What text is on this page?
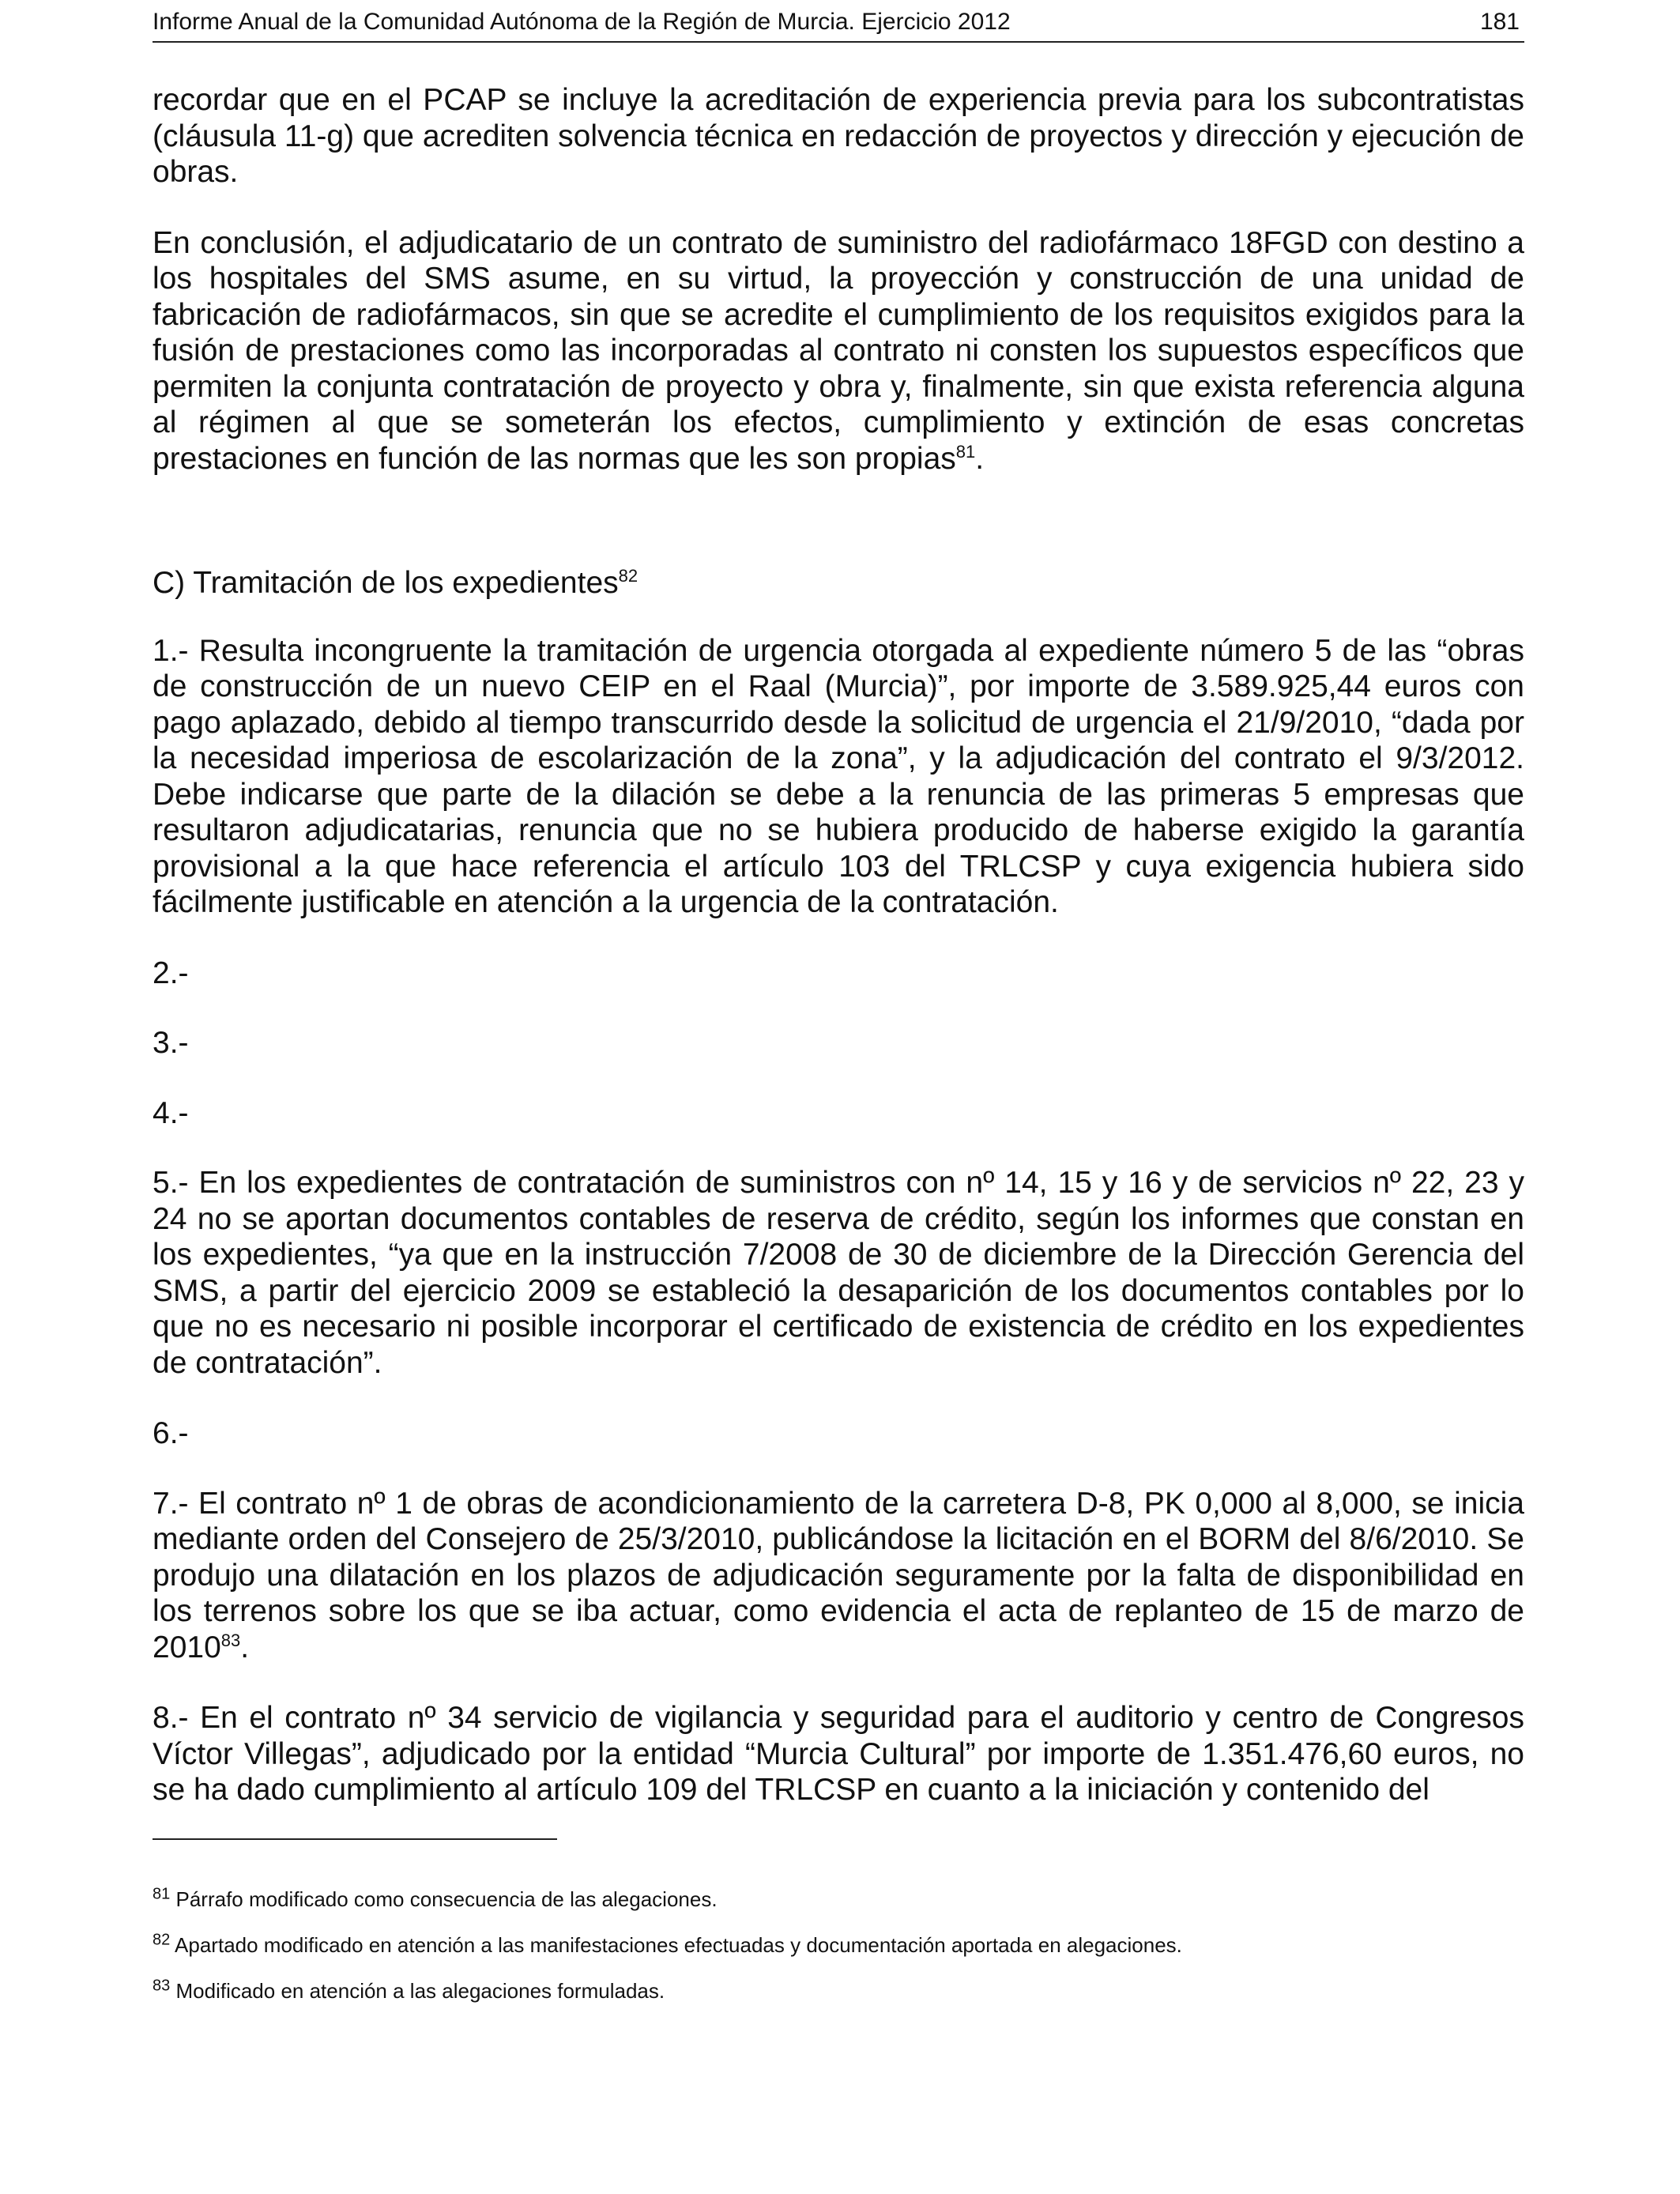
Informe Anual de la Comunidad Autónoma de la Región de Murcia. Ejercicio 2012	181

recordar que en el PCAP se incluye la acreditación de experiencia previa para los subcontratistas (cláusula 11-g) que acrediten solvencia técnica en redacción de proyectos y dirección y ejecución de obras.

En conclusión, el adjudicatario de un contrato de suministro del radiofármaco 18FGD con destino a los hospitales del SMS asume, en su virtud, la proyección y construcción de una unidad de fabricación de radiofármacos, sin que se acredite el cumplimiento de los requisitos exigidos para la fusión de prestaciones como las incorporadas al contrato ni consten los supuestos específicos que permiten la conjunta contratación de proyecto y obra y, finalmente, sin que exista referencia alguna al régimen al que se someterán los efectos, cumplimiento y extinción de esas concretas prestaciones en función de las normas que les son propias$^{81}$.

C) Tramitación de los expedientes$^{82}$

1.- Resulta incongruente la tramitación de urgencia otorgada al expediente número 5 de las “obras de construcción de un nuevo CEIP en el Raal (Murcia)”, por importe de 3.589.925,44 euros con pago aplazado, debido al tiempo transcurrido desde la solicitud de urgencia el 21/9/2010, “dada por la necesidad imperiosa de escolarización de la zona”, y la adjudicación del contrato el 9/3/2012. Debe indicarse que parte de la dilación se debe a la renuncia de las primeras 5 empresas que resultaron adjudicatarias, renuncia que no se hubiera producido de haberse exigido la garantía provisional a la que hace referencia el artículo 103 del TRLCSP y cuya exigencia hubiera sido fácilmente justificable en atención a la urgencia de la contratación.

2.-

3.-

4.-

5.- En los expedientes de contratación de suministros con nº 14, 15 y 16 y de servicios nº 22, 23 y 24 no se aportan documentos contables de reserva de crédito, según los informes que constan en los expedientes, “ya que en la instrucción 7/2008 de 30 de diciembre de la Dirección Gerencia del SMS, a partir del ejercicio 2009 se estableció la desaparición de los documentos contables por lo que no es necesario ni posible incorporar el certificado de existencia de crédito en los expedientes de contratación”.

6.-

7.- El contrato nº 1 de obras de acondicionamiento de la carretera D-8, PK 0,000 al 8,000, se inicia mediante orden del Consejero de 25/3/2010, publicándose la licitación en el BORM del 8/6/2010. Se produjo una dilatación en los plazos de adjudicación seguramente por la falta de disponibilidad en los terrenos sobre los que se iba actuar, como evidencia el acta de replanteo de 15 de marzo de 2010$^{83}$.

8.- En el contrato nº 34 servicio de vigilancia y seguridad para el auditorio y centro de Congresos Víctor Villegas”, adjudicado por la entidad “Murcia Cultural” por importe de 1.351.476,60 euros, no se ha dado cumplimiento al artículo 109 del TRLCSP en cuanto a la iniciación y contenido del

$^{81}$ Párrafo modificado como consecuencia de las alegaciones.

$^{82}$ Apartado modificado en atención a las manifestaciones efectuadas y documentación aportada en alegaciones.

$^{83}$ Modificado en atención a las alegaciones formuladas.
